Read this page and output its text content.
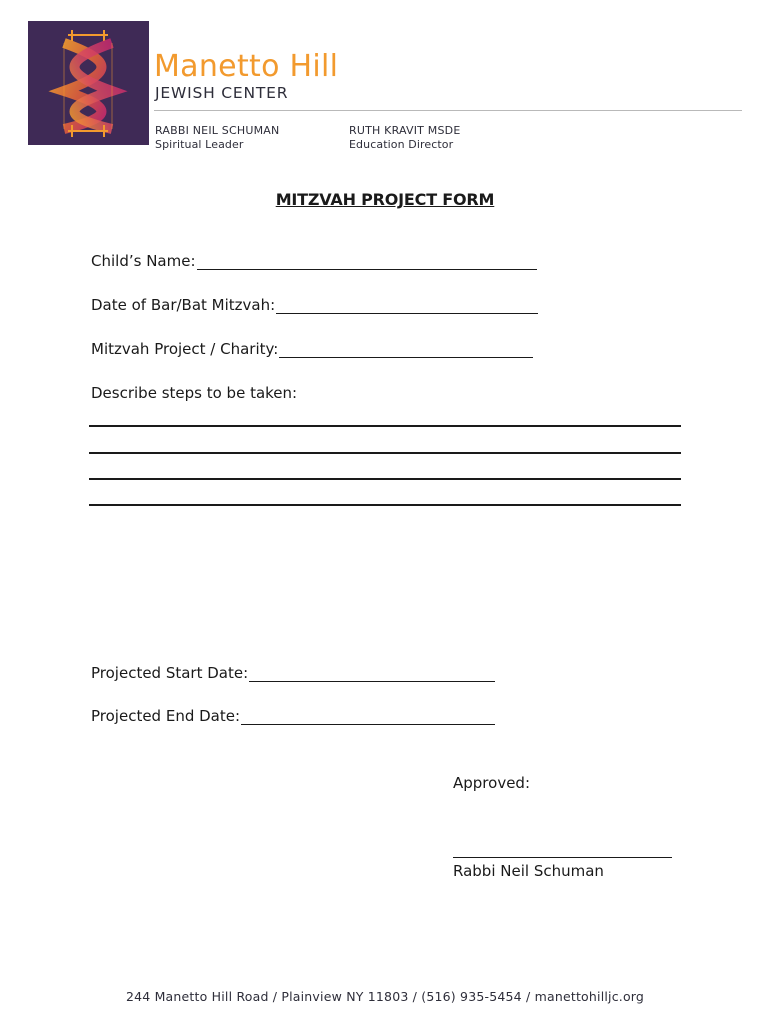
Manetto Hill
JEWISH CENTER
RABBI NEIL SCHUMAN
Spiritual Leader
RUTH KRAVIT MSDE
Education Director
MITZVAH PROJECT FORM
Child’s Name:
Date of Bar/Bat Mitzvah:
Mitzvah Project / Charity:
Describe steps to be taken:
Projected Start Date:
Projected End Date:
Approved:
Rabbi Neil Schuman
244 Manetto Hill Road / Plainview NY 11803 / (516) 935-5454 / manettohilljc.org
